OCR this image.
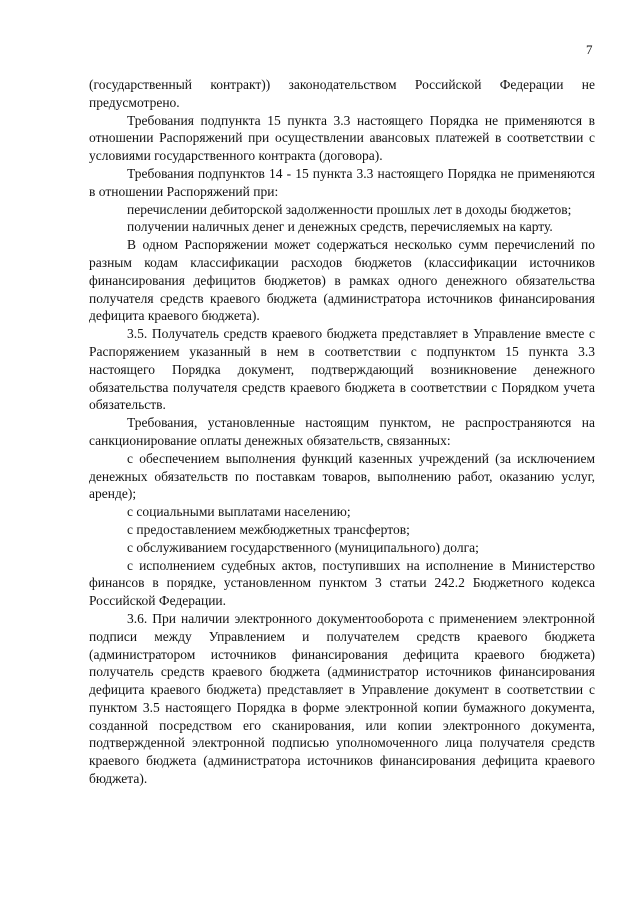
7

(государственный контракт)) законодательством Российской Федерации не предусмотрено.

Требования подпункта 15 пункта 3.3 настоящего Порядка не применяются в отношении Распоряжений при осуществлении авансовых платежей в соответствии с условиями государственного контракта (договора).

Требования подпунктов 14 - 15 пункта 3.3 настоящего Порядка не применяются в отношении Распоряжений при:

перечислении дебиторской задолженности прошлых лет в доходы бюджетов;

получении наличных денег и денежных средств, перечисляемых на карту.

В одном Распоряжении может содержаться несколько сумм перечислений по разным кодам классификации расходов бюджетов (классификации источников финансирования дефицитов бюджетов) в рамках одного денежного обязательства получателя средств краевого бюджета (администратора источников финансирования дефицита краевого бюджета).

3.5. Получатель средств краевого бюджета представляет в Управление вместе с Распоряжением указанный в нем в соответствии с подпунктом 15 пункта 3.3 настоящего Порядка документ, подтверждающий возникновение денежного обязательства получателя средств краевого бюджета в соответствии с Порядком учета обязательств.

Требования, установленные настоящим пунктом, не распространяются на санкционирование оплаты денежных обязательств, связанных:

с обеспечением выполнения функций казенных учреждений (за исключением денежных обязательств по поставкам товаров, выполнению работ, оказанию услуг, аренде);

с социальными выплатами населению;

с предоставлением межбюджетных трансфертов;

с обслуживанием государственного (муниципального) долга;

с исполнением судебных актов, поступивших на исполнение в Министерство финансов в порядке, установленном пунктом 3 статьи 242.2 Бюджетного кодекса Российской Федерации.

3.6. При наличии электронного документооборота с применением электронной подписи между Управлением и получателем средств краевого бюджета (администратором источников финансирования дефицита краевого бюджета) получатель средств краевого бюджета (администратор источников финансирования дефицита краевого бюджета) представляет в Управление документ в соответствии с пунктом 3.5 настоящего Порядка в форме электронной копии бумажного документа, созданной посредством его сканирования, или копии электронного документа, подтвержденной электронной подписью уполномоченного лица получателя средств краевого бюджета (администратора источников финансирования дефицита краевого бюджета).
